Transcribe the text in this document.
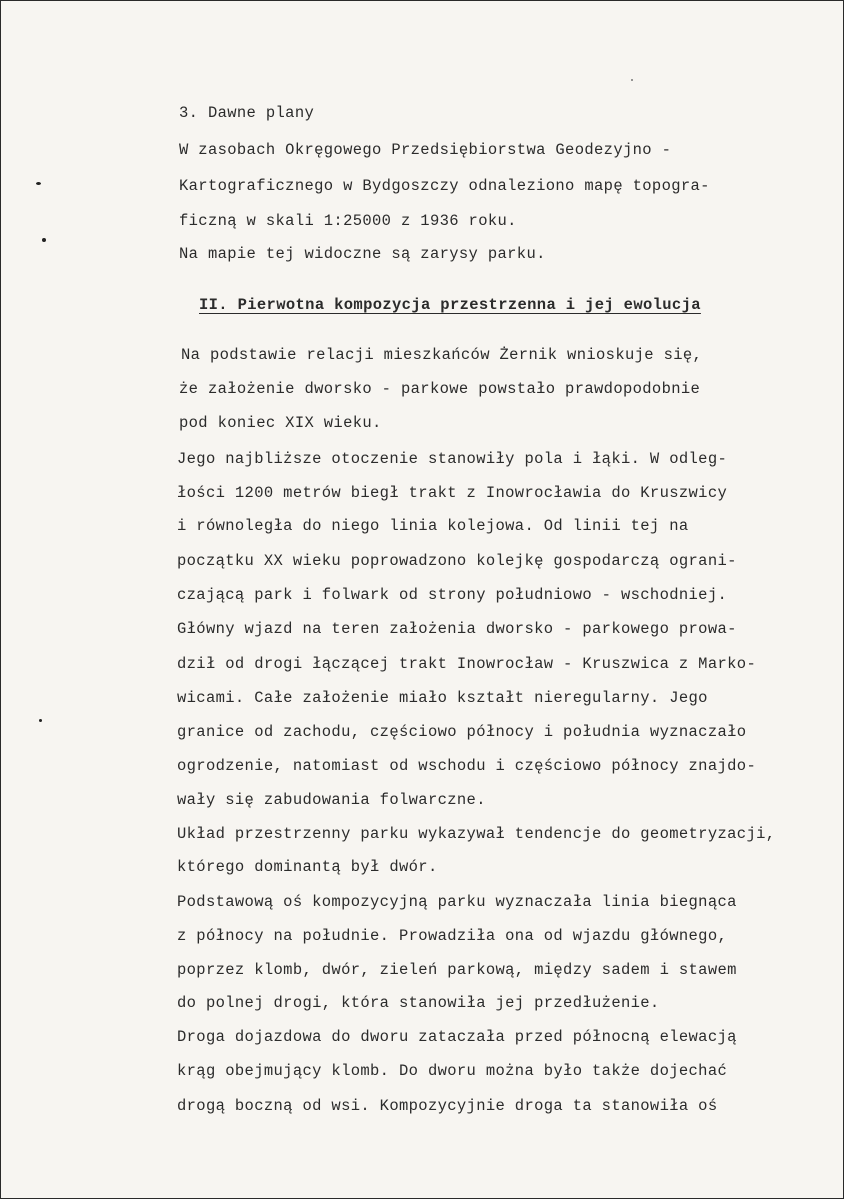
3. Dawne plany
W zasobach Okręgowego Przedsiębiorstwa Geodezyjno -
Kartograficznego w Bydgoszczy odnaleziono mapę topogra-
ficzną w skali 1:25000 z 1936 roku.
Na mapie tej widoczne są zarysy parku.
II. Pierwotna kompozycja przestrzenna i jej ewolucja
Na podstawie relacji mieszkańców Żernik wnioskuje się,
że założenie dworsko - parkowe powstało prawdopodobnie
pod koniec XIX wieku.
Jego najbliższe otoczenie stanowiły pola i łąki. W odleg-
łości 1200 metrów biegł trakt z Inowrocławia do Kruszwicy
i równoległa do niego linia kolejowa. Od linii tej na
początku XX wieku poprowadzono kolejkę gospodarczą ograni-
czającą park i folwark od strony południowo - wschodniej.
Główny wjazd na teren założenia dworsko - parkowego prowa-
dził od drogi łączącej trakt Inowrocław - Kruszwica z Marko-
wicami. Całe założenie miało kształt nieregularny. Jego
granice od zachodu, częściowo północy i południa wyznaczało
ogrodzenie, natomiast od wschodu i częściowo północy znajdo-
wały się zabudowania folwarczne.
Układ przestrzenny parku wykazywał tendencje do geometryzacji,
którego dominantą był dwór.
Podstawową oś kompozycyjną parku wyznaczała linia biegnąca
z północy na południe. Prowadziła ona od wjazdu głównego,
poprzez klomb, dwór, zieleń parkową, między sadem i stawem
do polnej drogi, która stanowiła jej przedłużenie.
Droga dojazdowa do dworu zataczała przed północną elewacją
krąg obejmujący klomb. Do dworu można było także dojechać
drogą boczną od wsi. Kompozycyjnie droga ta stanowiła oś
